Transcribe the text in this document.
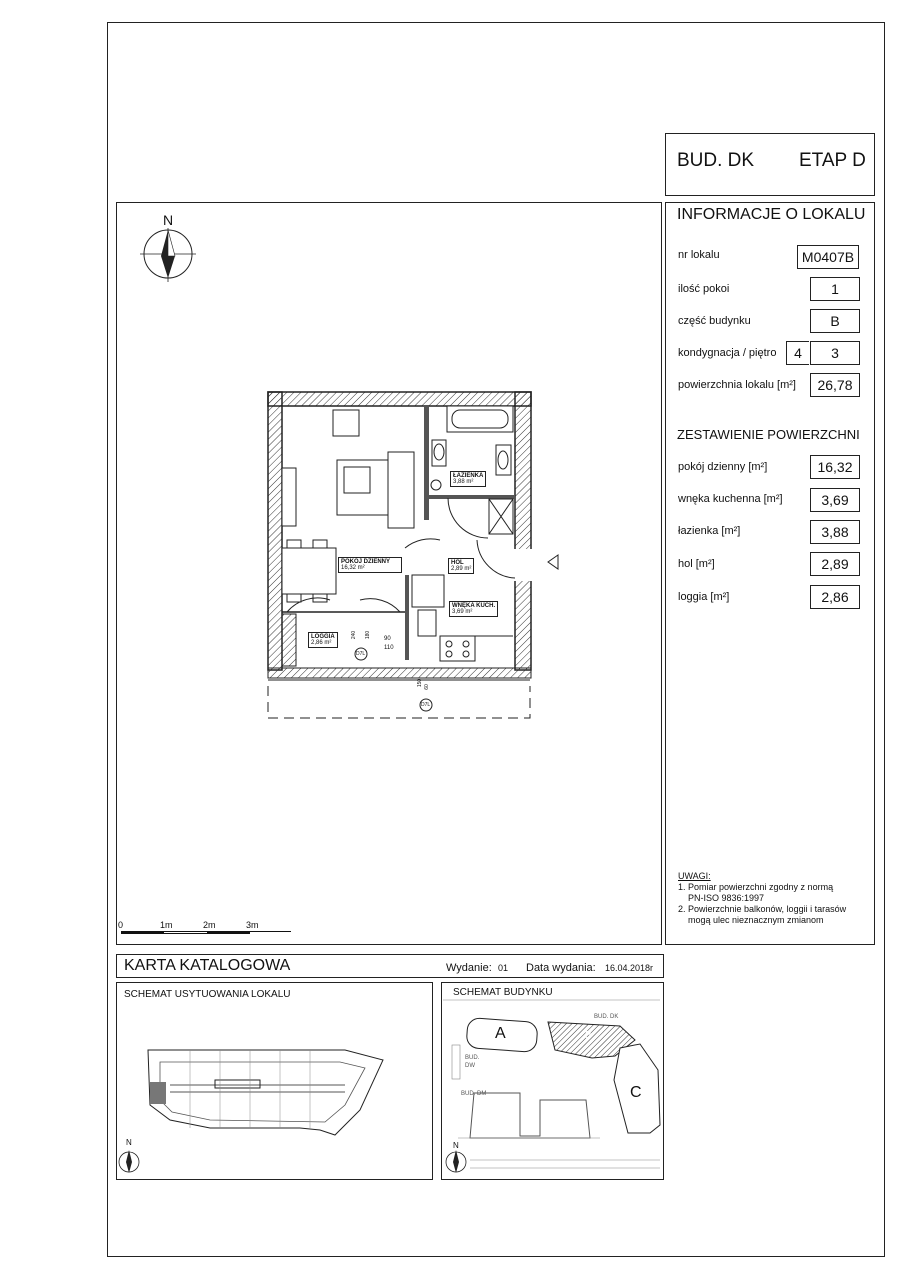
BUD. DK ETAP D
INFORMACJE O LOKALU
nr lokalu	M0407B
ilość pokoi	1
część budynku	B
kondygnacja / piętro	4	3
powierzchnia lokalu [m²]	26,78
ZESTAWIENIE POWIERZCHNI
pokój dzienny [m²]	16,32
wnęka kuchenna [m²]	3,69
łazienka [m²]	3,88
hol [m²]	2,89
loggia [m²]	2,86
UWAGI:
1. Pomiar powierzchni zgodny z normą
PN-ISO 9836:1997
2. Powierzchnie balkonów, loggii i tarasów
mogą ulec nieznacznym zmianom
ŁAZIENKA
3,88 m²
POKÓJ DZIENNY
16,32 m²
HOL
2,89 m²
WNĘKA KUCH.
3,69 m²
LOGGIA
2,86 m²
240 180 90
110
150 60
D7L
D7L
N
0	1m	2m	3m
KARTA KATALOGOWA	Wydanie: 01 Data wydania: 16.04.2018r
SCHEMAT USYTUOWANIA LOKALU
N
SCHEMAT BUDYNKU
BUD. DK
A	B
C
BUD.
DW
BUD. DM
N
